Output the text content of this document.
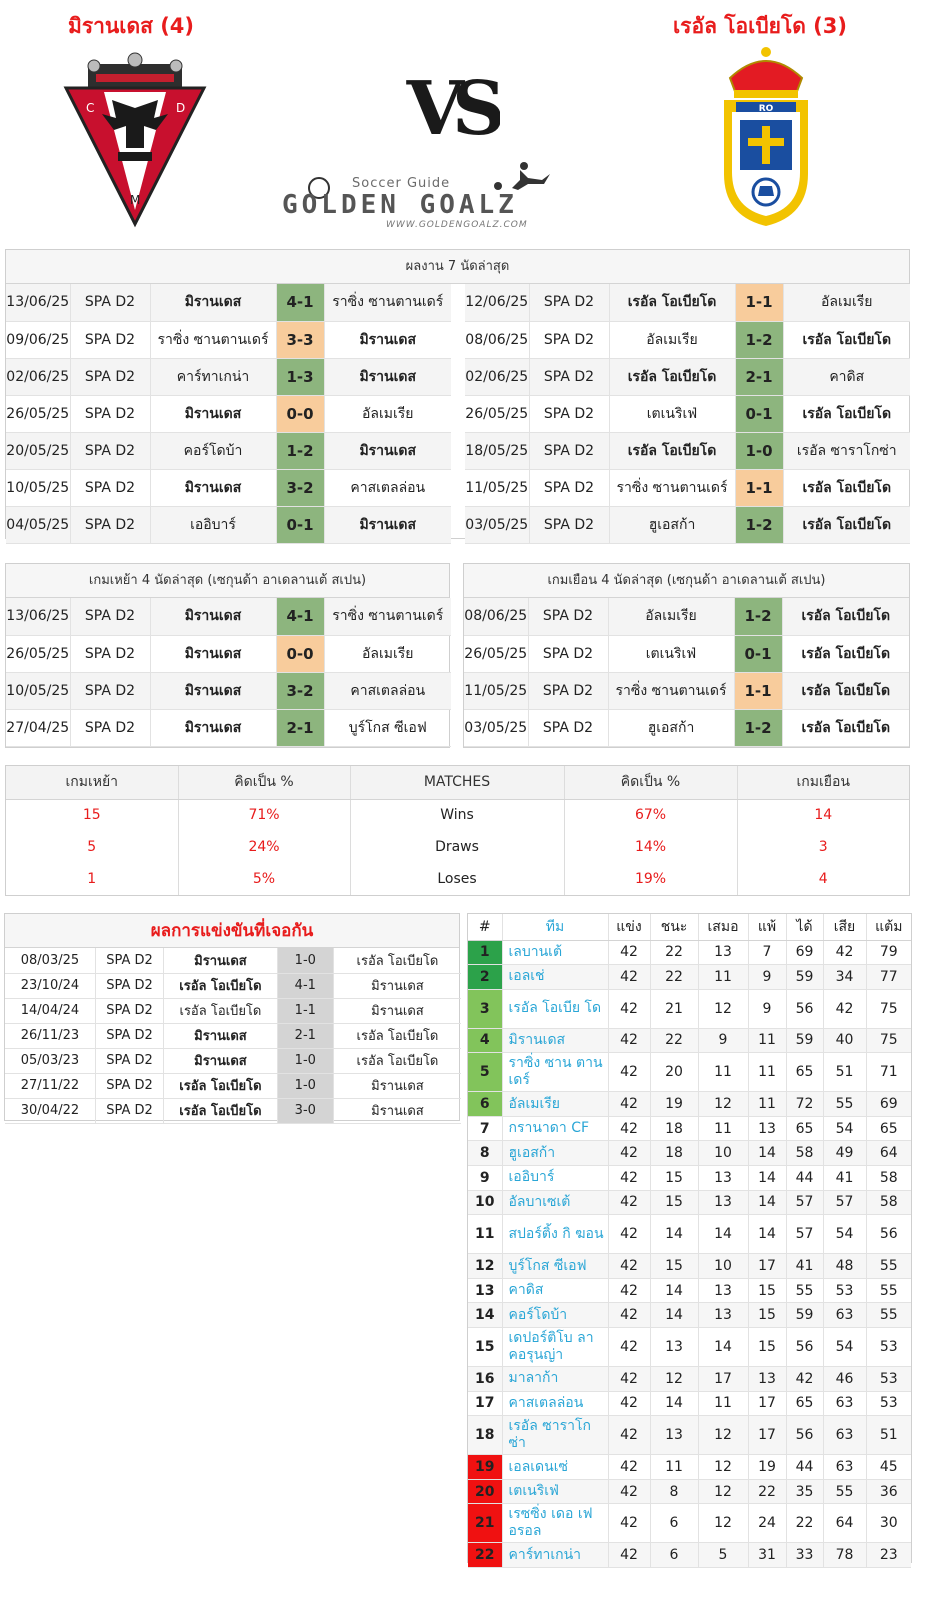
มิรานเดส (4)	เรอัล โอเบียโด (3)
C	D
M
VS
Soccer Guide
GOLDEN GOALZ
WWW.GOLDENGOALZ.COM
RO
ผลงาน 7 นัดล่าสุด
13/06/25	SPA D2	มิรานเดส	4-1	ราซิ่ง ซานตานเดร์
09/06/25	SPA D2	ราซิ่ง ซานตานเดร์	3-3	มิรานเดส
02/06/25	SPA D2	คาร์ทาเกน่า	1-3	มิรานเดส
26/05/25	SPA D2	มิรานเดส	0-0	อัลเมเรีย
20/05/25	SPA D2	คอร์โดบ้า	1-2	มิรานเดส
10/05/25	SPA D2	มิรานเดส	3-2	คาสเตลล่อน
04/05/25	SPA D2	เออิบาร์	0-1	มิรานเดส
12/06/25	SPA D2	เรอัล โอเบียโด	1-1	อัลเมเรีย
08/06/25	SPA D2	อัลเมเรีย	1-2	เรอัล โอเบียโด
02/06/25	SPA D2	เรอัล โอเบียโด	2-1	คาดิส
26/05/25	SPA D2	เตเนริเฟ่	0-1	เรอัล โอเบียโด
18/05/25	SPA D2	เรอัล โอเบียโด	1-0	เรอัล ซาราโกซ่า
11/05/25	SPA D2	ราซิ่ง ซานตานเดร์	1-1	เรอัล โอเบียโด
03/05/25	SPA D2	ฮูเอสก้า	1-2	เรอัล โอเบียโด
เกมเหย้า 4 นัดล่าสุด (เซกุนด้า อาเดลานเต้ สเปน)
13/06/25	SPA D2	มิรานเดส	4-1	ราซิ่ง ซานตานเดร์
26/05/25	SPA D2	มิรานเดส	0-0	อัลเมเรีย
10/05/25	SPA D2	มิรานเดส	3-2	คาสเตลล่อน
27/04/25	SPA D2	มิรานเดส	2-1	บูร์โกส ซีเอฟ
เกมเยือน 4 นัดล่าสุด (เซกุนด้า อาเดลานเต้ สเปน)
08/06/25	SPA D2	อัลเมเรีย	1-2	เรอัล โอเบียโด
26/05/25	SPA D2	เตเนริเฟ่	0-1	เรอัล โอเบียโด
11/05/25	SPA D2	ราซิ่ง ซานตานเดร์	1-1	เรอัล โอเบียโด
03/05/25	SPA D2	ฮูเอสก้า	1-2	เรอัล โอเบียโด
เกมเหย้า	คิดเป็น %	MATCHES	คิดเป็น %	เกมเยือน
15	71%	Wins	67%	14
5	24%	Draws	14%	3
1	5%	Loses	19%	4
ผลการแข่งขันที่เจอกัน
08/03/25	SPA D2	มิรานเดส	1-0	เรอัล โอเบียโด
23/10/24	SPA D2	เรอัล โอเบียโด	4-1	มิรานเดส
14/04/24	SPA D2	เรอัล โอเบียโด	1-1	มิรานเดส
26/11/23	SPA D2	มิรานเดส	2-1	เรอัล โอเบียโด
05/03/23	SPA D2	มิรานเดส	1-0	เรอัล โอเบียโด
27/11/22	SPA D2	เรอัล โอเบียโด	1-0	มิรานเดส
30/04/22	SPA D2	เรอัล โอเบียโด	3-0	มิรานเดส
#	ทีม	แข่ง	ชนะ	เสมอ	แพ้	ได้	เสีย	แต้ม
1	เลบานเต้	42	22	13	7	69	42	79
2	เอลเช่	42	22	11	9	59	34	77
3	เรอัล โอเบีย โด	42	21	12	9	56	42	75
4	มิรานเดส	42	22	9	11	59	40	75
5	ราซิ่ง ซาน ตานเดร์	42	20	11	11	65	51	71
6	อัลเมเรีย	42	19	12	11	72	55	69
7	กรานาดา CF	42	18	11	13	65	54	65
8	ฮูเอสก้า	42	18	10	14	58	49	64
9	เออิบาร์	42	15	13	14	44	41	58
10	อัลบาเซเต้	42	15	13	14	57	57	58
11	สปอร์ติ้ง กิ ฆอน	42	14	14	14	57	54	56
12	บูร์โกส ซีเอฟ	42	15	10	17	41	48	55
13	คาดิส	42	14	13	15	55	53	55
14	คอร์โดบ้า	42	14	13	15	59	63	55
15	เดปอร์ติโบ ลา คอรุนญ่า	42	13	14	15	56	54	53
16	มาลาก้า	42	12	17	13	42	46	53
17	คาสเตลล่อน	42	14	11	17	65	63	53
18	เรอัล ซาราโก ซ่า	42	13	12	17	56	63	51
19	เอลเดนเซ่	42	11	12	19	44	63	45
20	เตเนริเฟ่	42	8	12	22	35	55	36
21	เรซซิ่ง เดอ เฟอรอล	42	6	12	24	22	64	30
22	คาร์ทาเกน่า	42	6	5	31	33	78	23
